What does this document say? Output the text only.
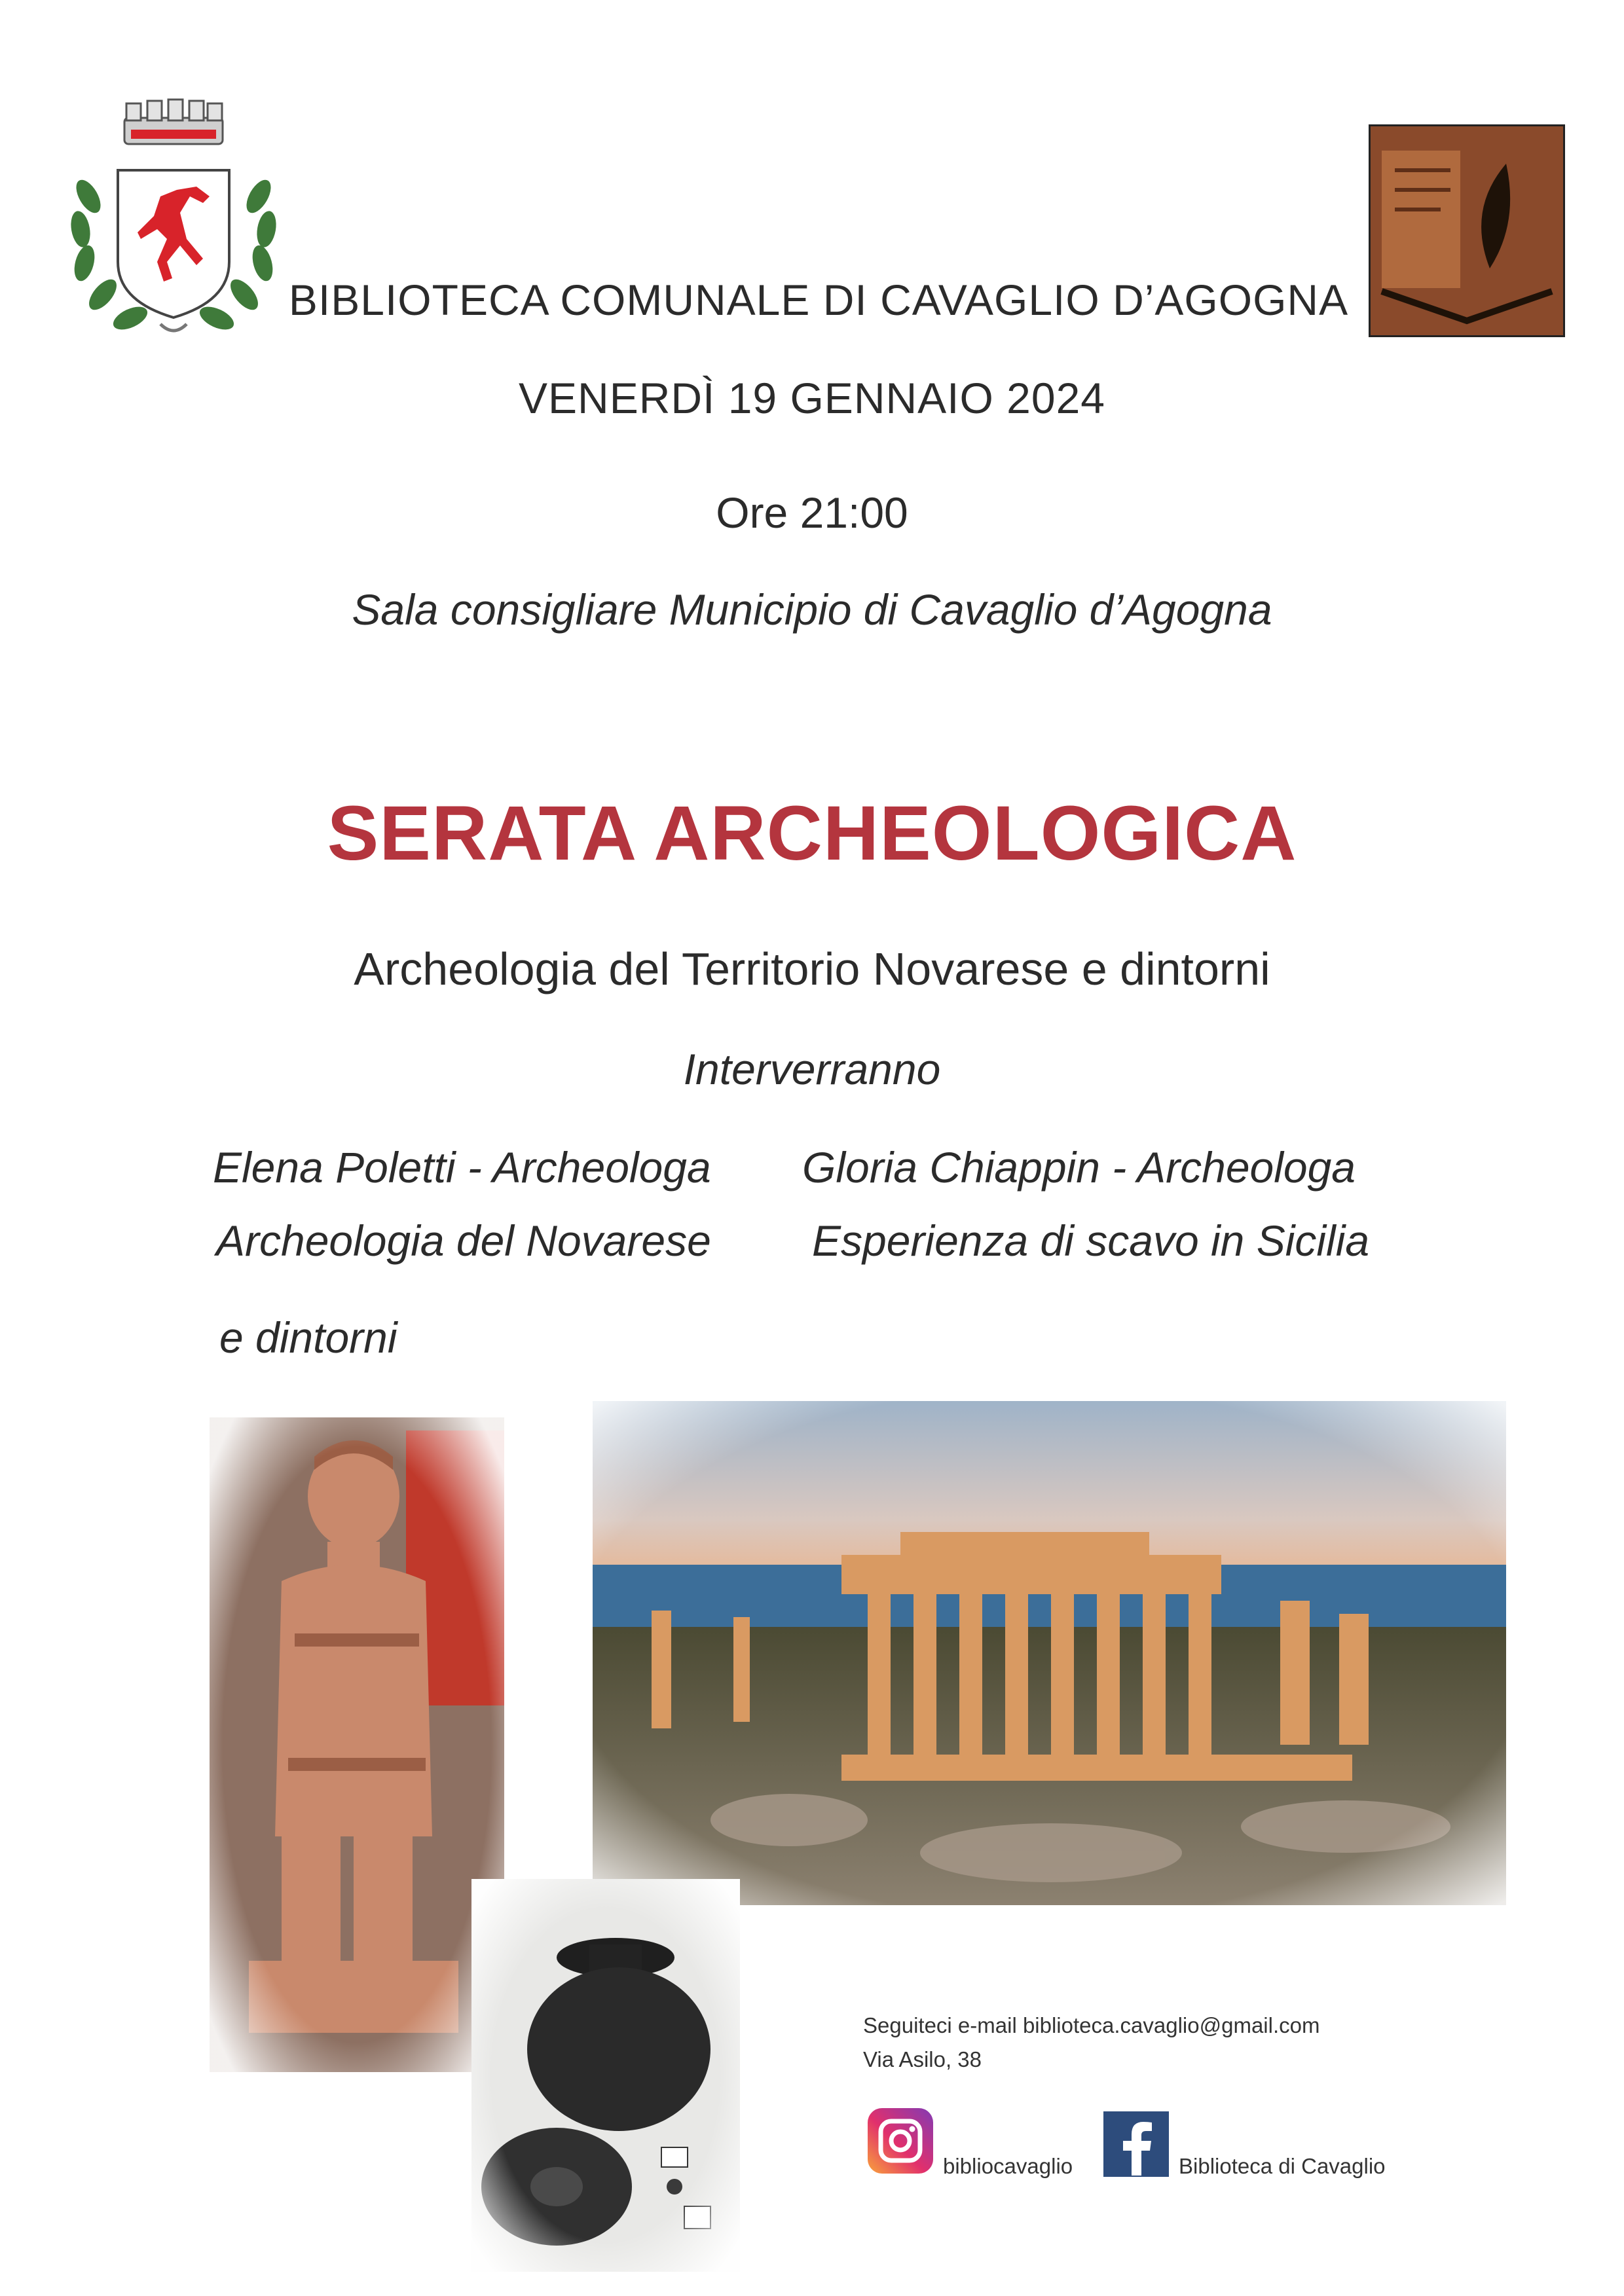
BIBLIOTECA COMUNALE DI CAVAGLIO D’AGOGNA
VENERDÌ 19 GENNAIO 2024
Ore 21:00
Sala consigliare Municipio di Cavaglio d’Agogna
SERATA ARCHEOLOGICA
Archeologia del Territorio Novarese e dintorni
Interverranno
Elena Poletti - Archeologa
Archeologia del Novarese
e dintorni
Gloria Chiappin - Archeologa
Esperienza di scavo in Sicilia
Seguiteci e-mail biblioteca.cavaglio@gmail.com
Via Asilo, 38
bibliocavaglio	Biblioteca di Cavaglio
